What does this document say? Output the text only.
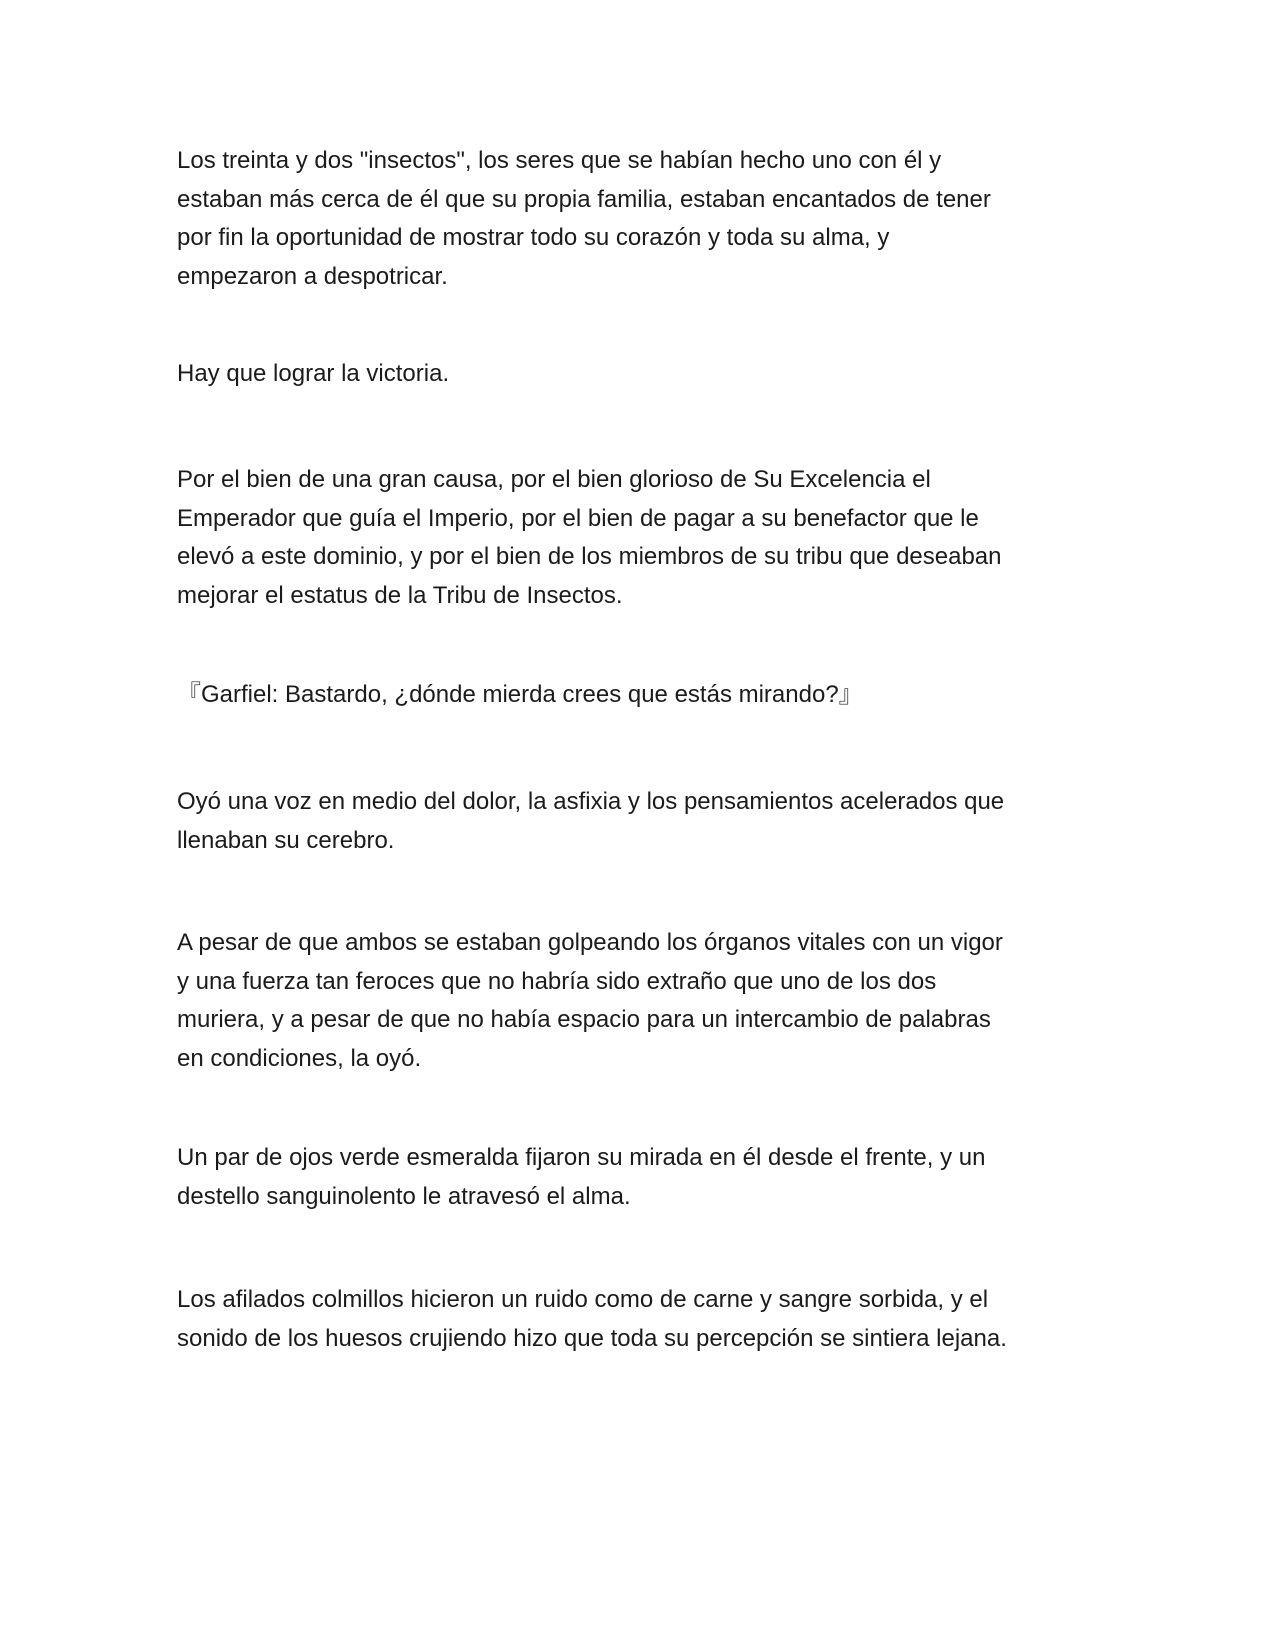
Los treinta y dos "insectos", los seres que se habían hecho uno con él y
estaban más cerca de él que su propia familia, estaban encantados de tener
por fin la oportunidad de mostrar todo su corazón y toda su alma, y
empezaron a despotricar.

Hay que lograr la victoria.

Por el bien de una gran causa, por el bien glorioso de Su Excelencia el
Emperador que guía el Imperio, por el bien de pagar a su benefactor que le
elevó a este dominio, y por el bien de los miembros de su tribu que deseaban
mejorar el estatus de la Tribu de Insectos.

『Garfiel: Bastardo, ¿dónde mierda crees que estás mirando?』

Oyó una voz en medio del dolor, la asfixia y los pensamientos acelerados que
llenaban su cerebro.

A pesar de que ambos se estaban golpeando los órganos vitales con un vigor
y una fuerza tan feroces que no habría sido extraño que uno de los dos
muriera, y a pesar de que no había espacio para un intercambio de palabras
en condiciones, la oyó.

Un par de ojos verde esmeralda fijaron su mirada en él desde el frente, y un
destello sanguinolento le atravesó el alma.

Los afilados colmillos hicieron un ruido como de carne y sangre sorbida, y el
sonido de los huesos crujiendo hizo que toda su percepción se sintiera lejana.
